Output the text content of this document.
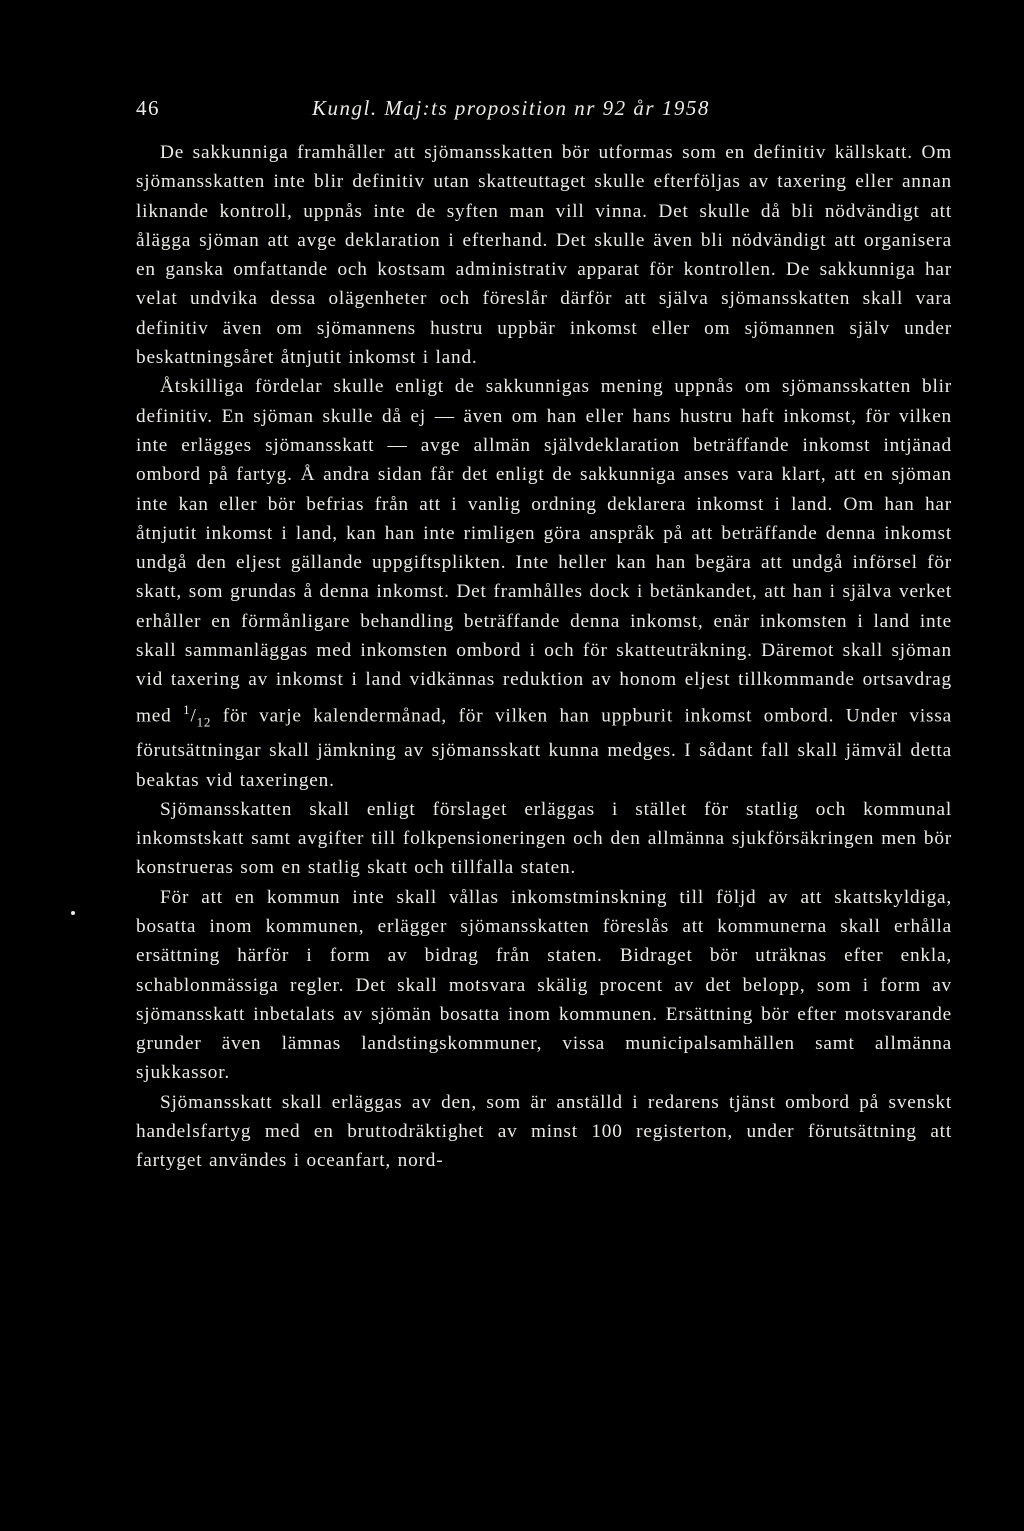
46	Kungl. Maj:ts proposition nr 92 år 1958

De sakkunniga framhåller att sjömansskatten bör utformas som en definitiv källskatt. Om sjömansskatten inte blir definitiv utan skatteuttaget skulle efterföljas av taxering eller annan liknande kontroll, uppnås inte de syften man vill vinna. Det skulle då bli nödvändigt att ålägga sjöman att avge deklaration i efterhand. Det skulle även bli nödvändigt att organisera en ganska omfattande och kostsam administrativ apparat för kontrollen. De sakkunniga har velat undvika dessa olägenheter och föreslår därför att själva sjömansskatten skall vara definitiv även om sjömannens hustru uppbär inkomst eller om sjömannen själv under beskattningsåret åtnjutit inkomst i land.

Åtskilliga fördelar skulle enligt de sakkunnigas mening uppnås om sjömansskatten blir definitiv. En sjöman skulle då ej — även om han eller hans hustru haft inkomst, för vilken inte erlägges sjömansskatt — avge allmän självdeklaration beträffande inkomst intjänad ombord på fartyg. Å andra sidan får det enligt de sakkunniga anses vara klart, att en sjöman inte kan eller bör befrias från att i vanlig ordning deklarera inkomst i land. Om han har åtnjutit inkomst i land, kan han inte rimligen göra anspråk på att beträffande denna inkomst undgå den eljest gällande uppgiftsplikten. Inte heller kan han begära att undgå införsel för skatt, som grundas å denna inkomst. Det framhålles dock i betänkandet, att han i själva verket erhåller en förmånligare behandling beträffande denna inkomst, enär inkomsten i land inte skall sammanläggas med inkomsten ombord i och för skatteuträkning. Däremot skall sjöman vid taxering av inkomst i land vidkännas reduktion av honom eljest tillkommande ortsavdrag med $^1/_{12}$ för varje kalendermånad, för vilken han uppburit inkomst ombord. Under vissa förutsättningar skall jämkning av sjömansskatt kunna medges. I sådant fall skall jämväl detta beaktas vid taxeringen.

Sjömansskatten skall enligt förslaget erläggas i stället för statlig och kommunal inkomstskatt samt avgifter till folkpensioneringen och den allmänna sjukförsäkringen men bör konstrueras som en statlig skatt och tillfalla staten.

För att en kommun inte skall vållas inkomstminskning till följd av att skattskyldiga, bosatta inom kommunen, erlägger sjömansskatten föreslås att kommunerna skall erhålla ersättning härför i form av bidrag från staten. Bidraget bör uträknas efter enkla, schablonmässiga regler. Det skall motsvara skälig procent av det belopp, som i form av sjömansskatt inbetalats av sjömän bosatta inom kommunen. Ersättning bör efter motsvarande grunder även lämnas landstingskommuner, vissa municipalsamhällen samt allmänna sjukkassor.

Sjömansskatt skall erläggas av den, som är anställd i redarens tjänst ombord på svenskt handelsfartyg med en bruttodräktighet av minst 100 registerton, under förutsättning att fartyget användes i oceanfart, nord-
